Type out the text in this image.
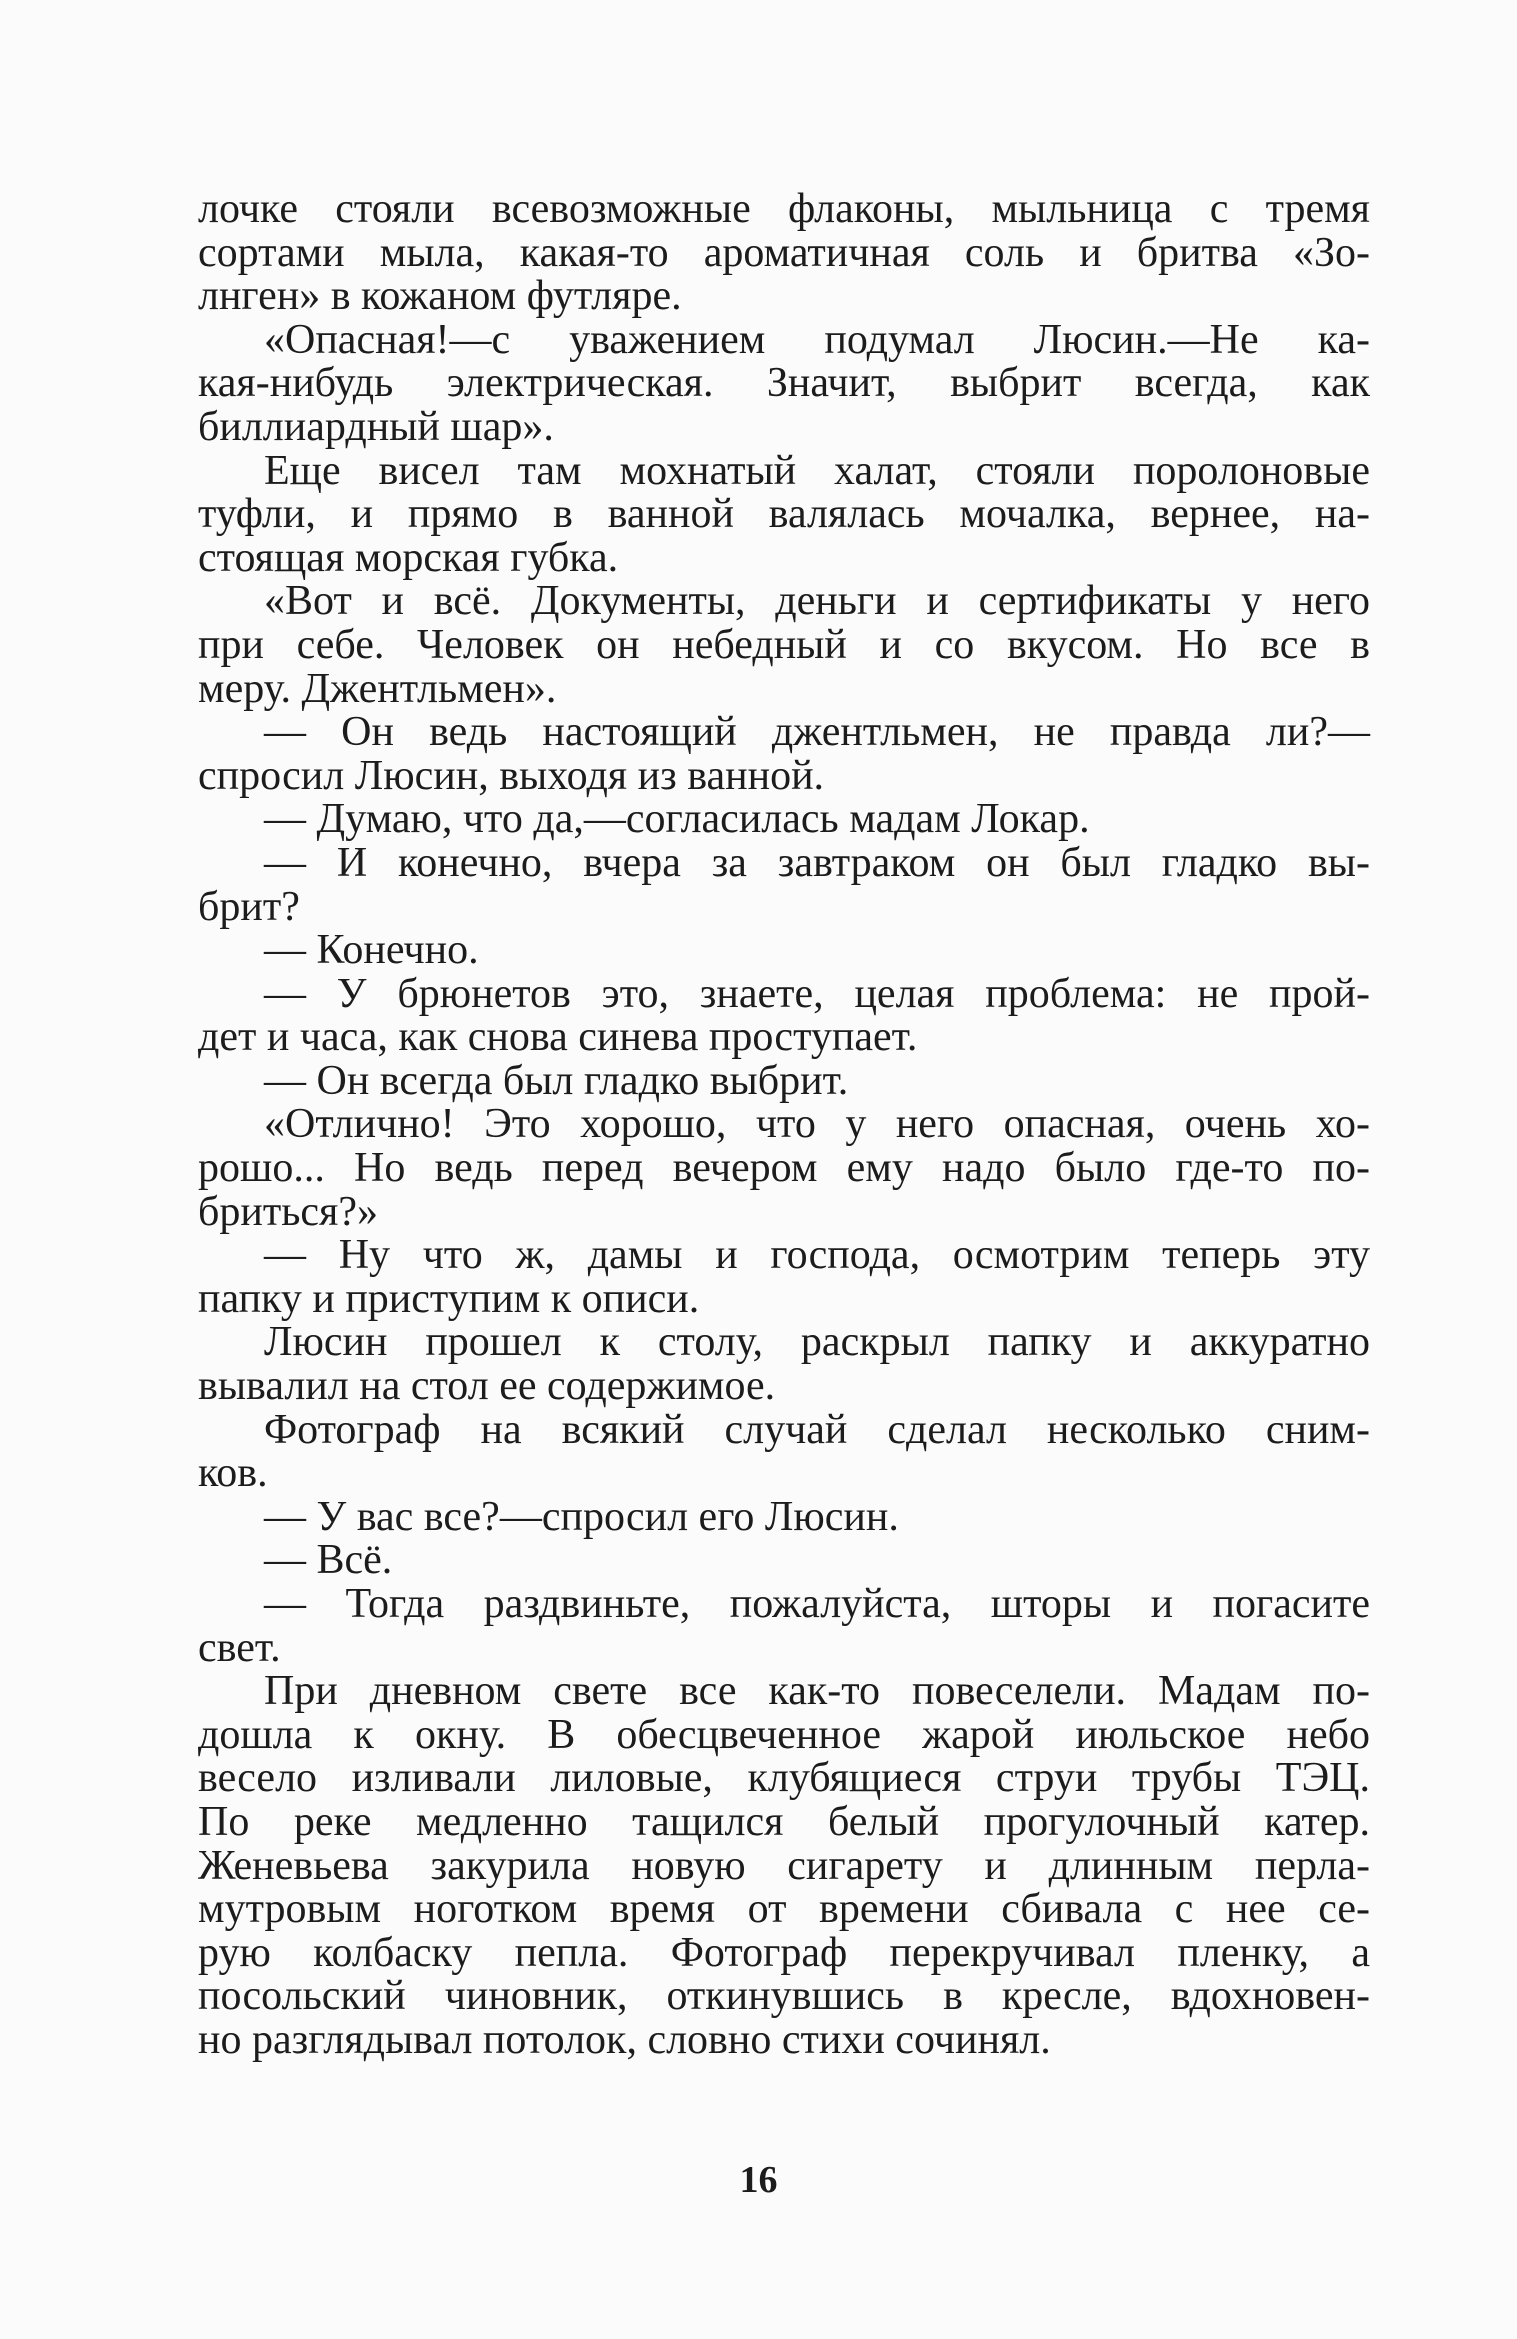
лочке стояли всевозможные флаконы, мыльница с тремя
сортами мыла, какая-то ароматичная соль и бритва «Зо-
лнген» в кожаном футляре.
«Опасная!—с уважением подумал Люсин.—Не ка-
кая-нибудь электрическая. Значит, выбрит всегда, как
биллиардный шар».
Еще висел там мохнатый халат, стояли поролоновые
туфли, и прямо в ванной валялась мочалка, вернее, на-
стоящая морская губка.
«Вот и всё. Документы, деньги и сертификаты у него
при себе. Человек он небедный и со вкусом. Но все в
меру. Джентльмен».
— Он ведь настоящий джентльмен, не правда ли?—
спросил Люсин, выходя из ванной.
— Думаю, что да,—согласилась мадам Локар.
— И конечно, вчера за завтраком он был гладко вы-
брит?
— Конечно.
— У брюнетов это, знаете, целая проблема: не прой-
дет и часа, как снова синева проступает.
— Он всегда был гладко выбрит.
«Отлично! Это хорошо, что у него опасная, очень хо-
рошо... Но ведь перед вечером ему надо было где-то по-
бриться?»
— Ну что ж, дамы и господа, осмотрим теперь эту
папку и приступим к описи.
Люсин прошел к столу, раскрыл папку и аккуратно
вывалил на стол ее содержимое.
Фотограф на всякий случай сделал несколько сним-
ков.
— У вас все?—спросил его Люсин.
— Всё.
— Тогда раздвиньте, пожалуйста, шторы и погасите
свет.
При дневном свете все как-то повеселели. Мадам по-
дошла к окну. В обесцвеченное жарой июльское небо
весело изливали лиловые, клубящиеся струи трубы ТЭЦ.
По реке медленно тащился белый прогулочный катер.
Женевьева закурила новую сигарету и длинным перла-
мутровым ноготком время от времени сбивала с нее се-
рую колбаску пепла. Фотограф перекручивал пленку, а
посольский чиновник, откинувшись в кресле, вдохновен-
но разглядывал потолок, словно стихи сочинял.
16
